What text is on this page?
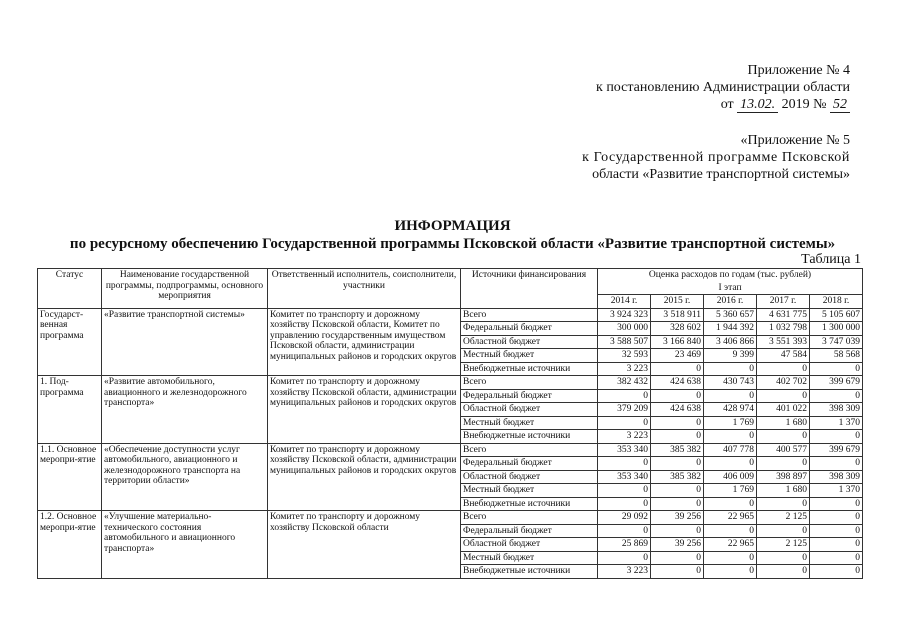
Приложение № 4
к постановлению Администрации области
от 13.02. 2019 № 52
«Приложение № 5
к Государственной программе Псковской
области «Развитие транспортной системы»
ИНФОРМАЦИЯ
по ресурсному обеспечению Государственной программы Псковской области «Развитие транспортной системы»
Таблица 1
Статус	Наименование государственной программы, подпрограммы, основного мероприятия	Ответственный исполнитель, соисполнители, участники	Источники финансирования	Оценка расходов по годам (тыс. рублей)				
				I этап				
				2014 г.	2015 г.	2016 г.	2017 г.	2018 г.
Государст-венная программа	«Развитие транспортной системы»	Комитет по транспорту и дорожному хозяйству Псковской области, Комитет по управлению государственным имуществом Псковской области, администрации муниципальных районов и городских округов	Всего	3 924 323	3 518 911	5 360 657	4 631 775	5 105 607
			Федеральный бюджет	300 000	328 602	1 944 392	1 032 798	1 300 000
			Областной бюджет	3 588 507	3 166 840	3 406 866	3 551 393	3 747 039
			Местный бюджет	32 593	23 469	9 399	47 584	58 568
			Внебюджетные источники	3 223	0	0	0	0
1. Под-программа	«Развитие автомобильного, авиационного и железнодорожного транспорта»	Комитет по транспорту и дорожному хозяйству Псковской области, администрации муниципальных районов и городских округов	Всего	382 432	424 638	430 743	402 702	399 679
			Федеральный бюджет	0	0	0	0	0
			Областной бюджет	379 209	424 638	428 974	401 022	398 309
			Местный бюджет	0	0	1 769	1 680	1 370
			Внебюджетные источники	3 223	0	0	0	0
1.1. Основное меропри-ятие	«Обеспечение доступности услуг автомобильного, авиационного и железнодорожного транспорта на территории области»	Комитет по транспорту и дорожному хозяйству Псковской области, администрации муниципальных районов и городских округов	Всего	353 340	385 382	407 778	400 577	399 679
			Федеральный бюджет	0	0	0	0	0
			Областной бюджет	353 340	385 382	406 009	398 897	398 309
			Местный бюджет	0	0	1 769	1 680	1 370
			Внебюджетные источники	0	0	0	0	0
1.2. Основное меропри-ятие	«Улучшение материально-технического состояния автомобильного и авиационного транспорта»	Комитет по транспорту и дорожному хозяйству Псковской области	Всего	29 092	39 256	22 965	2 125	0
			Федеральный бюджет	0	0	0	0	0
			Областной бюджет	25 869	39 256	22 965	2 125	0
			Местный бюджет	0	0	0	0	0
			Внебюджетные источники	3 223	0	0	0	0
